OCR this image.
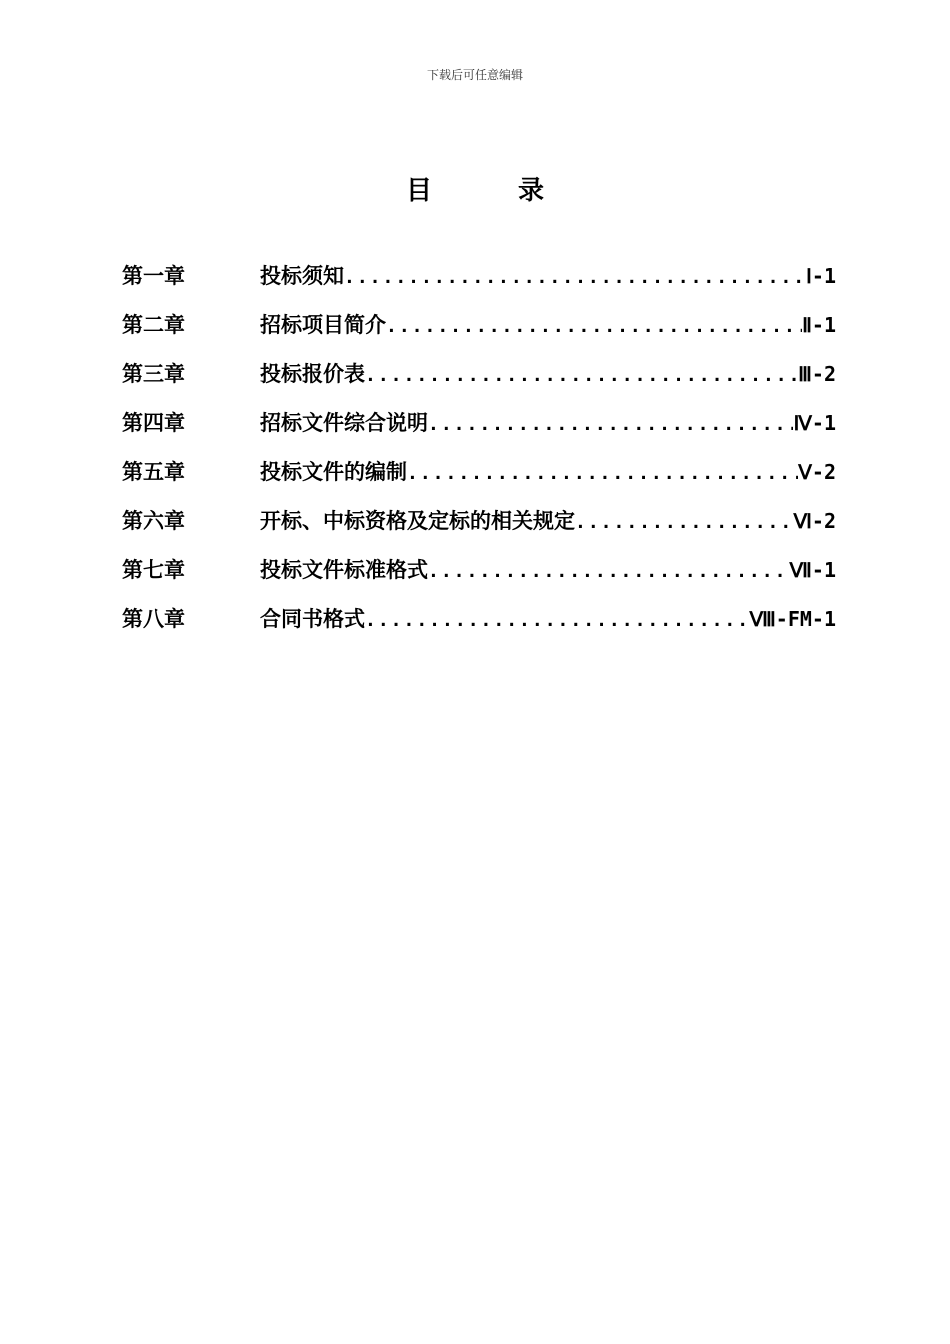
下载后可任意编辑
目录
第一章	投标须知 .....	Ⅰ-1
第二章	招标项目简介 .....	Ⅱ-1
第三章	投标报价表 .....	Ⅲ-2
第四章	招标文件综合说明 .....	Ⅳ-1
第五章	投标文件的编制 .....	Ⅴ-2
第六章	开标、中标资格及定标的相关规定 .....	Ⅵ-2
第七章	投标文件标准格式 .....	Ⅶ-1
第八章	合同书格式 .....	Ⅷ-FM-1
